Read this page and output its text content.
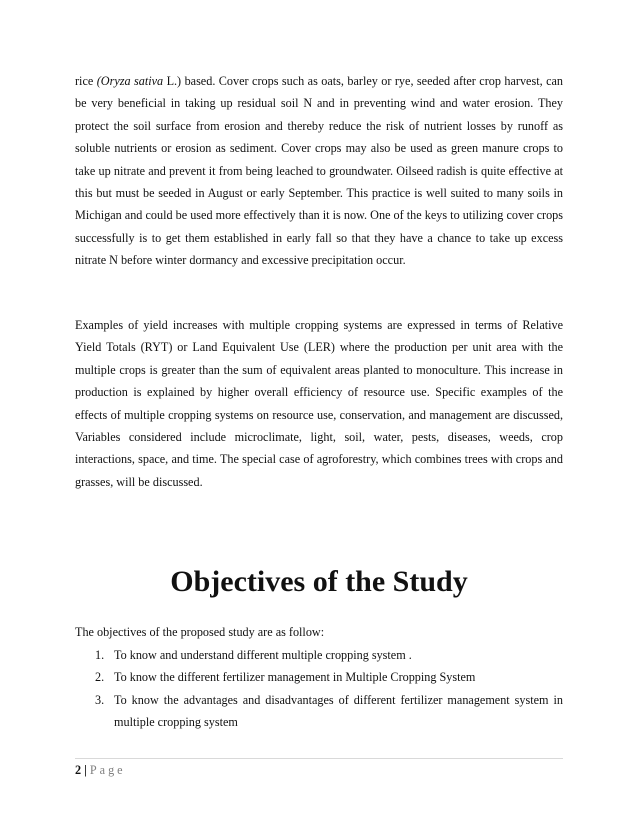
rice (Oryza sativa L.) based. Cover crops such as oats, barley or rye, seeded after crop harvest, can be very beneficial in taking up residual soil N and in preventing wind and water erosion. They protect the soil surface from erosion and thereby reduce the risk of nutrient losses by runoff as soluble nutrients or erosion as sediment. Cover crops may also be used as green manure crops to take up nitrate and prevent it from being leached to groundwater. Oilseed radish is quite effective at this but must be seeded in August or early September. This practice is well suited to many soils in Michigan and could be used more effectively than it is now. One of the keys to utilizing cover crops successfully is to get them established in early fall so that they have a chance to take up excess nitrate N before winter dormancy and excessive precipitation occur.

Examples of yield increases with multiple cropping systems are expressed in terms of Relative Yield Totals (RYT) or Land Equivalent Use (LER) where the production per unit area with the multiple crops is greater than the sum of equivalent areas planted to monoculture. This increase in production is explained by higher overall efficiency of resource use. Specific examples of the effects of multiple cropping systems on resource use, conservation, and management are discussed, Variables considered include microclimate, light, soil, water, pests, diseases, weeds, crop interactions, space, and time. The special case of agroforestry, which combines trees with crops and grasses, will be discussed.

Objectives of the Study

The objectives of the proposed study are as follow:

1. To know and understand different multiple cropping system .
2. To know the different fertilizer management in Multiple Cropping System
3. To know the advantages and disadvantages of different fertilizer management system in multiple cropping system
2 | Page
